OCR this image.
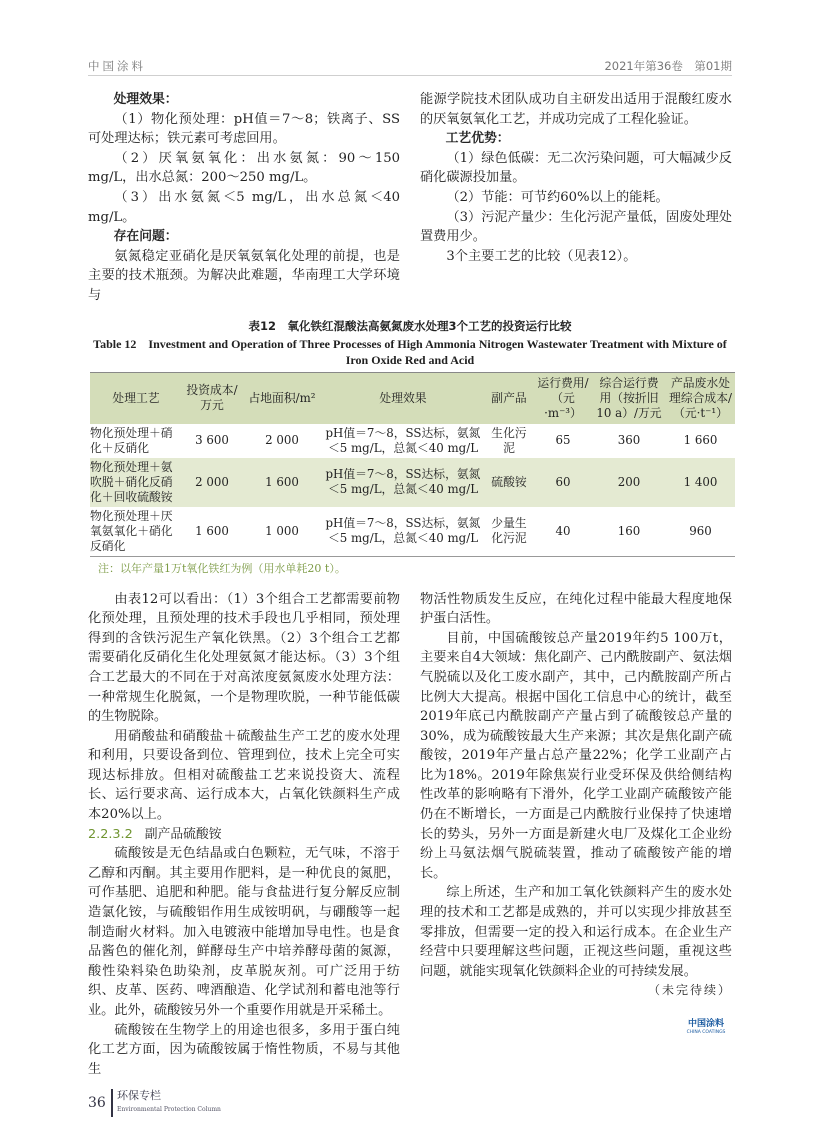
中国涂料	2021年第36卷　第01期

处理效果：

（1）物化预处理：pH值＝7～8；铁离子、SS可处理达标；铁元素可考虑回用。

（2）厌氧氨氧化：出水氨氮：90～150 mg/L，出水总氮：200～250 mg/L。

（3）出水氨氮＜5 mg/L，出水总氮＜40 mg/L。

存在问题：

氨氮稳定亚硝化是厌氧氨氧化处理的前提，也是主要的技术瓶颈。为解决此难题，华南理工大学环境与

能源学院技术团队成功自主研发出适用于混酸红废水的厌氧氨氧化工艺，并成功完成了工程化验证。

工艺优势：

（1）绿色低碳：无二次污染问题，可大幅减少反硝化碳源投加量。

（2）节能：可节约60%以上的能耗。

（3）污泥产量少：生化污泥产量低，固废处理处置费用少。

3个主要工艺的比较（见表12）。

表12　氧化铁红混酸法高氨氮废水处理3个工艺的投资运行比较
Table 12　Investment and Operation of Three Processes of High Ammonia Nitrogen Wastewater Treatment with Mixture of Iron Oxide Red and Acid
处理工艺	投资成本/万元	占地面积/m²	处理效果	副产品	运行费用/（元·m⁻³）	综合运行费用（按折旧10 a）/万元	产品废水处理综合成本/（元·t⁻¹）
物化预处理＋硝化＋反硝化	3 600	2 000	pH值＝7～8，SS达标，氨氮＜5 mg/L，总氮＜40 mg/L	生化污泥	65	360	1 660
物化预处理＋氨吹脱＋硝化反硝化＋回收硫酸铵	2 000	1 600	pH值＝7～8，SS达标，氨氮＜5 mg/L，总氮＜40 mg/L	硫酸铵	60	200	1 400
物化预处理＋厌氧氨氧化＋硝化反硝化	1 600	1 000	pH值＝7～8，SS达标，氨氮＜5 mg/L，总氮＜40 mg/L	少量生化污泥	40	160	960
注：以年产量1万t氧化铁红为例（用水单耗20 t）。

由表12可以看出：（1）3个组合工艺都需要前物化预处理，且预处理的技术手段也几乎相同，预处理得到的含铁污泥生产氧化铁黑。（2）3个组合工艺都需要硝化反硝化生化处理氨氮才能达标。（3）3个组合工艺最大的不同在于对高浓度氨氮废水处理方法：一种常规生化脱氮，一个是物理吹脱，一种节能低碳的生物脱除。

用硝酸盐和硝酸盐＋硫酸盐生产工艺的废水处理和利用，只要设备到位、管理到位，技术上完全可实现达标排放。但相对硫酸盐工艺来说投资大、流程长、运行要求高、运行成本大，占氧化铁颜料生产成本20%以上。

2.2.3.2 副产品硫酸铵

硫酸铵是无色结晶或白色颗粒，无气味，不溶于乙醇和丙酮。其主要用作肥料，是一种优良的氮肥，可作基肥、追肥和种肥。能与食盐进行复分解反应制造氯化铵，与硫酸铝作用生成铵明矾，与硼酸等一起制造耐火材料。加入电镀液中能增加导电性。也是食品酱色的催化剂，鲜酵母生产中培养酵母菌的氮源，酸性染料染色助染剂，皮革脱灰剂。可广泛用于纺织、皮革、医药、啤酒酿造、化学试剂和蓄电池等行业。此外，硫酸铵另外一个重要作用就是开采稀土。

硫酸铵在生物学上的用途也很多，多用于蛋白纯化工艺方面，因为硫酸铵属于惰性物质，不易与其他生

物活性物质发生反应，在纯化过程中能最大程度地保护蛋白活性。

目前，中国硫酸铵总产量2019年约5 100万t，主要来自4大领域：焦化副产、己内酰胺副产、氨法烟气脱硫以及化工废水副产，其中，己内酰胺副产所占比例大大提高。根据中国化工信息中心的统计，截至2019年底己内酰胺副产产量占到了硫酸铵总产量的30%，成为硫酸铵最大生产来源；其次是焦化副产硫酸铵，2019年产量占总产量22%；化学工业副产占比为18%。2019年除焦炭行业受环保及供给侧结构性改革的影响略有下滑外，化学工业副产硫酸铵产能仍在不断增长，一方面是己内酰胺行业保持了快速增长的势头，另外一方面是新建火电厂及煤化工企业纷纷上马氨法烟气脱硫装置，推动了硫酸铵产能的增长。

综上所述，生产和加工氧化铁颜料产生的废水处理的技术和工艺都是成熟的，并可以实现少排放甚至零排放，但需要一定的投入和运行成本。在企业生产经营中只要理解这些问题，正视这些问题，重视这些问题，就能实现氧化铁颜料企业的可持续发展。

（未完待续）

中国涂料
CHINA COATINGS
36 环保专栏
Environmental Protection Column
